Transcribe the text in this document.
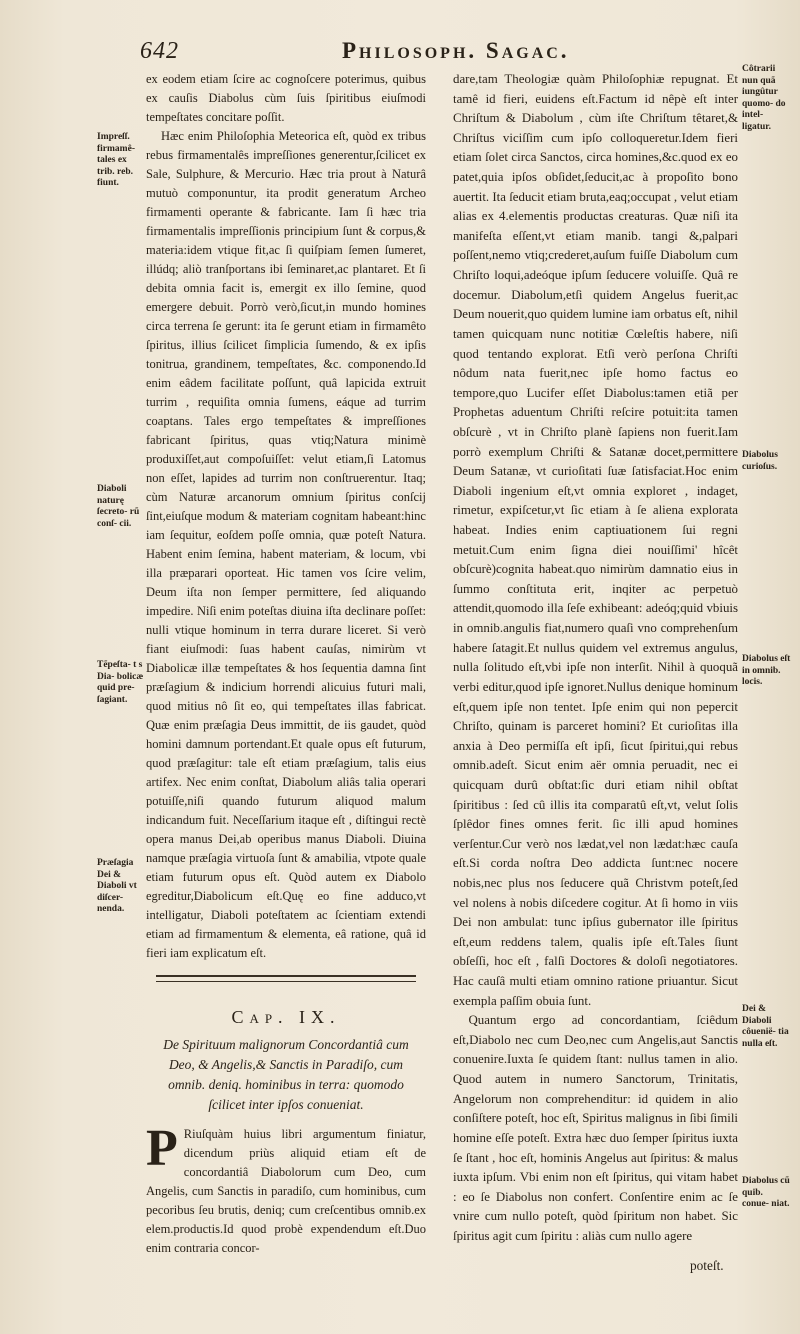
642	Philosoph. Sagac.
Impreſſ. firmamê- tales ex trib. reb. fiunt.
Diaboli naturę ſecreto- rũ conſ- cii.
Tẽpeſta- t s Dia- bolicæ quid pre- ſagiant.
Præſagia Dei & Diaboli vt diſcer- nenda.
Côtrarii nun quã iungûtur quomo- do intel- ligatur.
Diabolus curioſus.
Diabolus eſt in omnib. locis.
Dei & Diaboli côuenië- tia nulla eſt.
Diabolus cũ quib. conue- niat.

ex eodem etiam ſcire ac cognoſcere poterimus, quibus ex cauſis Diabolus cùm ſuis ſpiritibus eiuſmodi tempeſtates concitare poſſit.

Hæc enim Philoſophia Meteorica eſt, quòd ex tribus rebus firmamentalês impreſſiones generentur,ſcilicet ex Sale, Sulphure, & Mercurio. Hæc tria prout à Naturâ mutuò componuntur, ita prodit generatum Archeo firmamenti operante & fabricante. Iam ſi hæc tria firmamentalis impreſſionis principium ſunt & corpus,& materia:idem vtique fit,ac ſi quiſpiam ſemen ſumeret, illúdq; aliò tranſportans ibi ſeminaret,ac plantaret. Et ſi debita omnia facit is, emergit ex illo ſemine, quod emergere debuit. Porrò verò,ſicut,in mundo homines circa terrena ſe gerunt: ita ſe gerunt etiam in firmamêto ſpiritus, illius ſcilicet ſimplicia ſumendo, & ex ipſis tonitrua, grandinem, tempeſtates, &c. componendo.Id enim eâdem facilitate poſſunt, quâ lapicida extruit turrim , requiſita omnia ſumens, eáque ad turrim coaptans. Tales ergo tempeſtates & impreſſiones fabricant ſpiritus, quas vtiq;Natura minimè produxiſſet,aut compoſuiſſet: velut etiam,ſi Latomus non eſſet, lapides ad turrim non conſtruerentur. Itaq; cùm Naturæ arcanorum omnium ſpiritus conſcij ſint,eiuſque modum & materiam cognitam habeant:hinc iam ſequitur, eoſdem poſſe omnia, quæ poteſt Natura. Habent enim ſemina, habent materiam, & locum, vbi illa præparari oporteat. Hic tamen vos ſcire velim, Deum iſta non ſemper permittere, ſed aliquando impedire. Niſi enim poteſtas diuina iſta declinare poſſet: nulli vtique hominum in terra durare liceret. Si verò fiant eiuſmodi: ſuas habent cauſas, nimirùm vt Diabolicæ illæ tempeſtates & hos ſequentia damna ſint præſagium & indicium horrendi alicuius futuri mali, quod mitius nô ſit eo, qui tempeſtates illas fabricat. Quæ enim præſagia Deus immittit, de iis gaudet, quòd homini damnum portendant.Et quale opus eſt futurum, quod præſagitur: tale eſt etiam præſagium, talis eius artifex. Nec enim conſtat, Diabolum aliâs talia operari potuiſſe,niſi quando futurum aliquod malum indicandum fuit. Neceſſarium itaque eſt , diſtingui rectè opera manus Dei,ab operibus manus Diaboli. Diuina namque præſagia virtuoſa ſunt & amabilia, vtpote quale etiam futurum opus eſt. Quòd autem ex Diabolo egreditur,Diabolicum eſt.Quę eo fine adduco,vt intelligatur, Diaboli poteſtatem ac ſcientiam extendi etiam ad firmamentum & elementa, eâ ratione, quâ id fieri iam explicatum eſt.

Cap. IX.
De Spirituum malignorum Concordantiâ cum Deo, & Angelis,& Sanctis in Paradiſo, cum omnib. deniq. hominibus in terra: quomodo ſcilicet inter ipſos conueniat.

P Riuſquàm huius libri argumentum finiatur, dicendum priùs aliquid etiam eſt de concordantiâ Diabolorum cum Deo, cum Angelis, cum Sanctis in paradiſo, cum hominibus, cum pecoribus ſeu brutis, deniq; cum creſcentibus omnib.ex elem.productis.Id quod probè expendendum eſt.Duo enim contraria concor-

dare,tam Theologiæ quàm Philoſophiæ repugnat. Et tamê id fieri, euidens eſt.Factum id nêpè eſt inter Chriſtum & Diabolum , cùm iſte Chriſtum têtaret,& Chriſtus viciſſim cum ipſo colloqueretur.Idem fieri etiam ſolet circa Sanctos, circa homines,&c.quod ex eo patet,quia ipſos obſidet,ſeducit,ac à propoſito bono auertit. Ita ſeducit etiam bruta,eaq;occupat , velut etiam alias ex 4.elementis productas creaturas. Quæ niſi ita manifeſta eſſent,vt etiam manib. tangi &,palpari poſſent,nemo vtiq;crederet,auſum fuiſſe Diabolum cum Chriſto loqui,adeóque ipſum ſeducere voluiſſe. Quâ re docemur. Diabolum,etſi quidem Angelus fuerit,ac Deum nouerit,quo quidem lumine iam orbatus eſt, nihil tamen quicquam nunc notitiæ Cœleſtis habere, niſi quod tentando explorat. Etſi verò perſona Chriſti nôdum nata fuerit,nec ipſe homo factus eo tempore,quo Lucifer eſſet Diabolus:tamen etiã per Prophetas aduentum Chriſti reſcire potuit:ita tamen obſcurè , vt in Chriſto planè ſapiens non fuerit.Iam porrò exemplum Chriſti & Satanæ docet,permittere Deum Satanæ, vt curioſitati ſuæ ſatisfaciat.Hoc enim Diaboli ingenium eſt,vt omnia exploret , indaget, rimetur, expiſcetur,vt ſic etiam à ſe aliena explorata habeat. Indies enim captiuationem ſui regni metuit.Cum enim ſigna diei nouiſſimi' hîcêt obſcurè)cognita habeat.quo nimirùm damnatio eius in ſummo conſtituta erit, inqiter ac perpetuò attendit,quomodo illa ſeſe exhibeant: adeóq;quid vbiuis in omnib.angulis fiat,numero quaſi vno comprehenſum habere ſatagit.Et nullus quidem vel extremus angulus, nulla ſolitudo eſt,vbi ipſe non interſit. Nihil à quoquã verbi editur,quod ipſe ignoret.Nullus denique hominum eſt,quem ipſe non tentet. Ipſe enim qui non pepercit Chriſto, quinam is parceret homini? Et curioſitas illa anxia à Deo permiſſa eſt ipſi, ſicut ſpiritui,qui rebus omnib.adeſt. Sicut enim aër omnia peruadit, nec ei quicquam durû obſtat:ſic duri etiam nihil obſtat ſpiritibus : ſed cû illis ita comparatû eſt,vt, velut ſolis ſplêdor fines omnes ferit. ſic illi apud homines verſentur.Cur verò nos lædat,vel non lædat:hæc cauſa eſt.Si corda noſtra Deo addicta ſunt:nec nocere nobis,nec plus nos ſeducere quã Christvm poteſt,ſed vel nolens à nobis diſcedere cogitur. At ſi homo in viis Dei non ambulat: tunc ipſius gubernator ille ſpiritus eſt,eum reddens talem, qualis ipſe eſt.Tales ſiunt obſeſſi, hoc eſt , falſi Doctores & doloſi negotiatores. Hac cauſâ multi etiam omnino ratione priuantur. Sicut exempla paſſim obuia ſunt.

Quantum ergo ad concordantiam, ſciêdum eſt,Diabolo nec cum Deo,nec cum Angelis,aut Sanctis conuenire.Iuxta ſe quidem ſtant: nullus tamen in alio. Quod autem in numero Sanctorum, Trinitatis, Angelorum non comprehenditur: id quidem in alio conſiſtere poteſt, hoc eſt, Spiritus malignus in ſibi ſimili homine eſſe poteſt. Extra hæc duo ſemper ſpiritus iuxta ſe ſtant , hoc eſt, hominis Angelus aut ſpiritus: & malus iuxta ipſum. Vbi enim non eſt ſpiritus, qui vitam habet : eo ſe Diabolus non confert. Conſentire enim ac ſe vnire cum nullo poteſt, quòd ſpiritum non habet. Sic ſpiritus agit cum ſpiritu : aliàs cum nullo agere

poteſt.
